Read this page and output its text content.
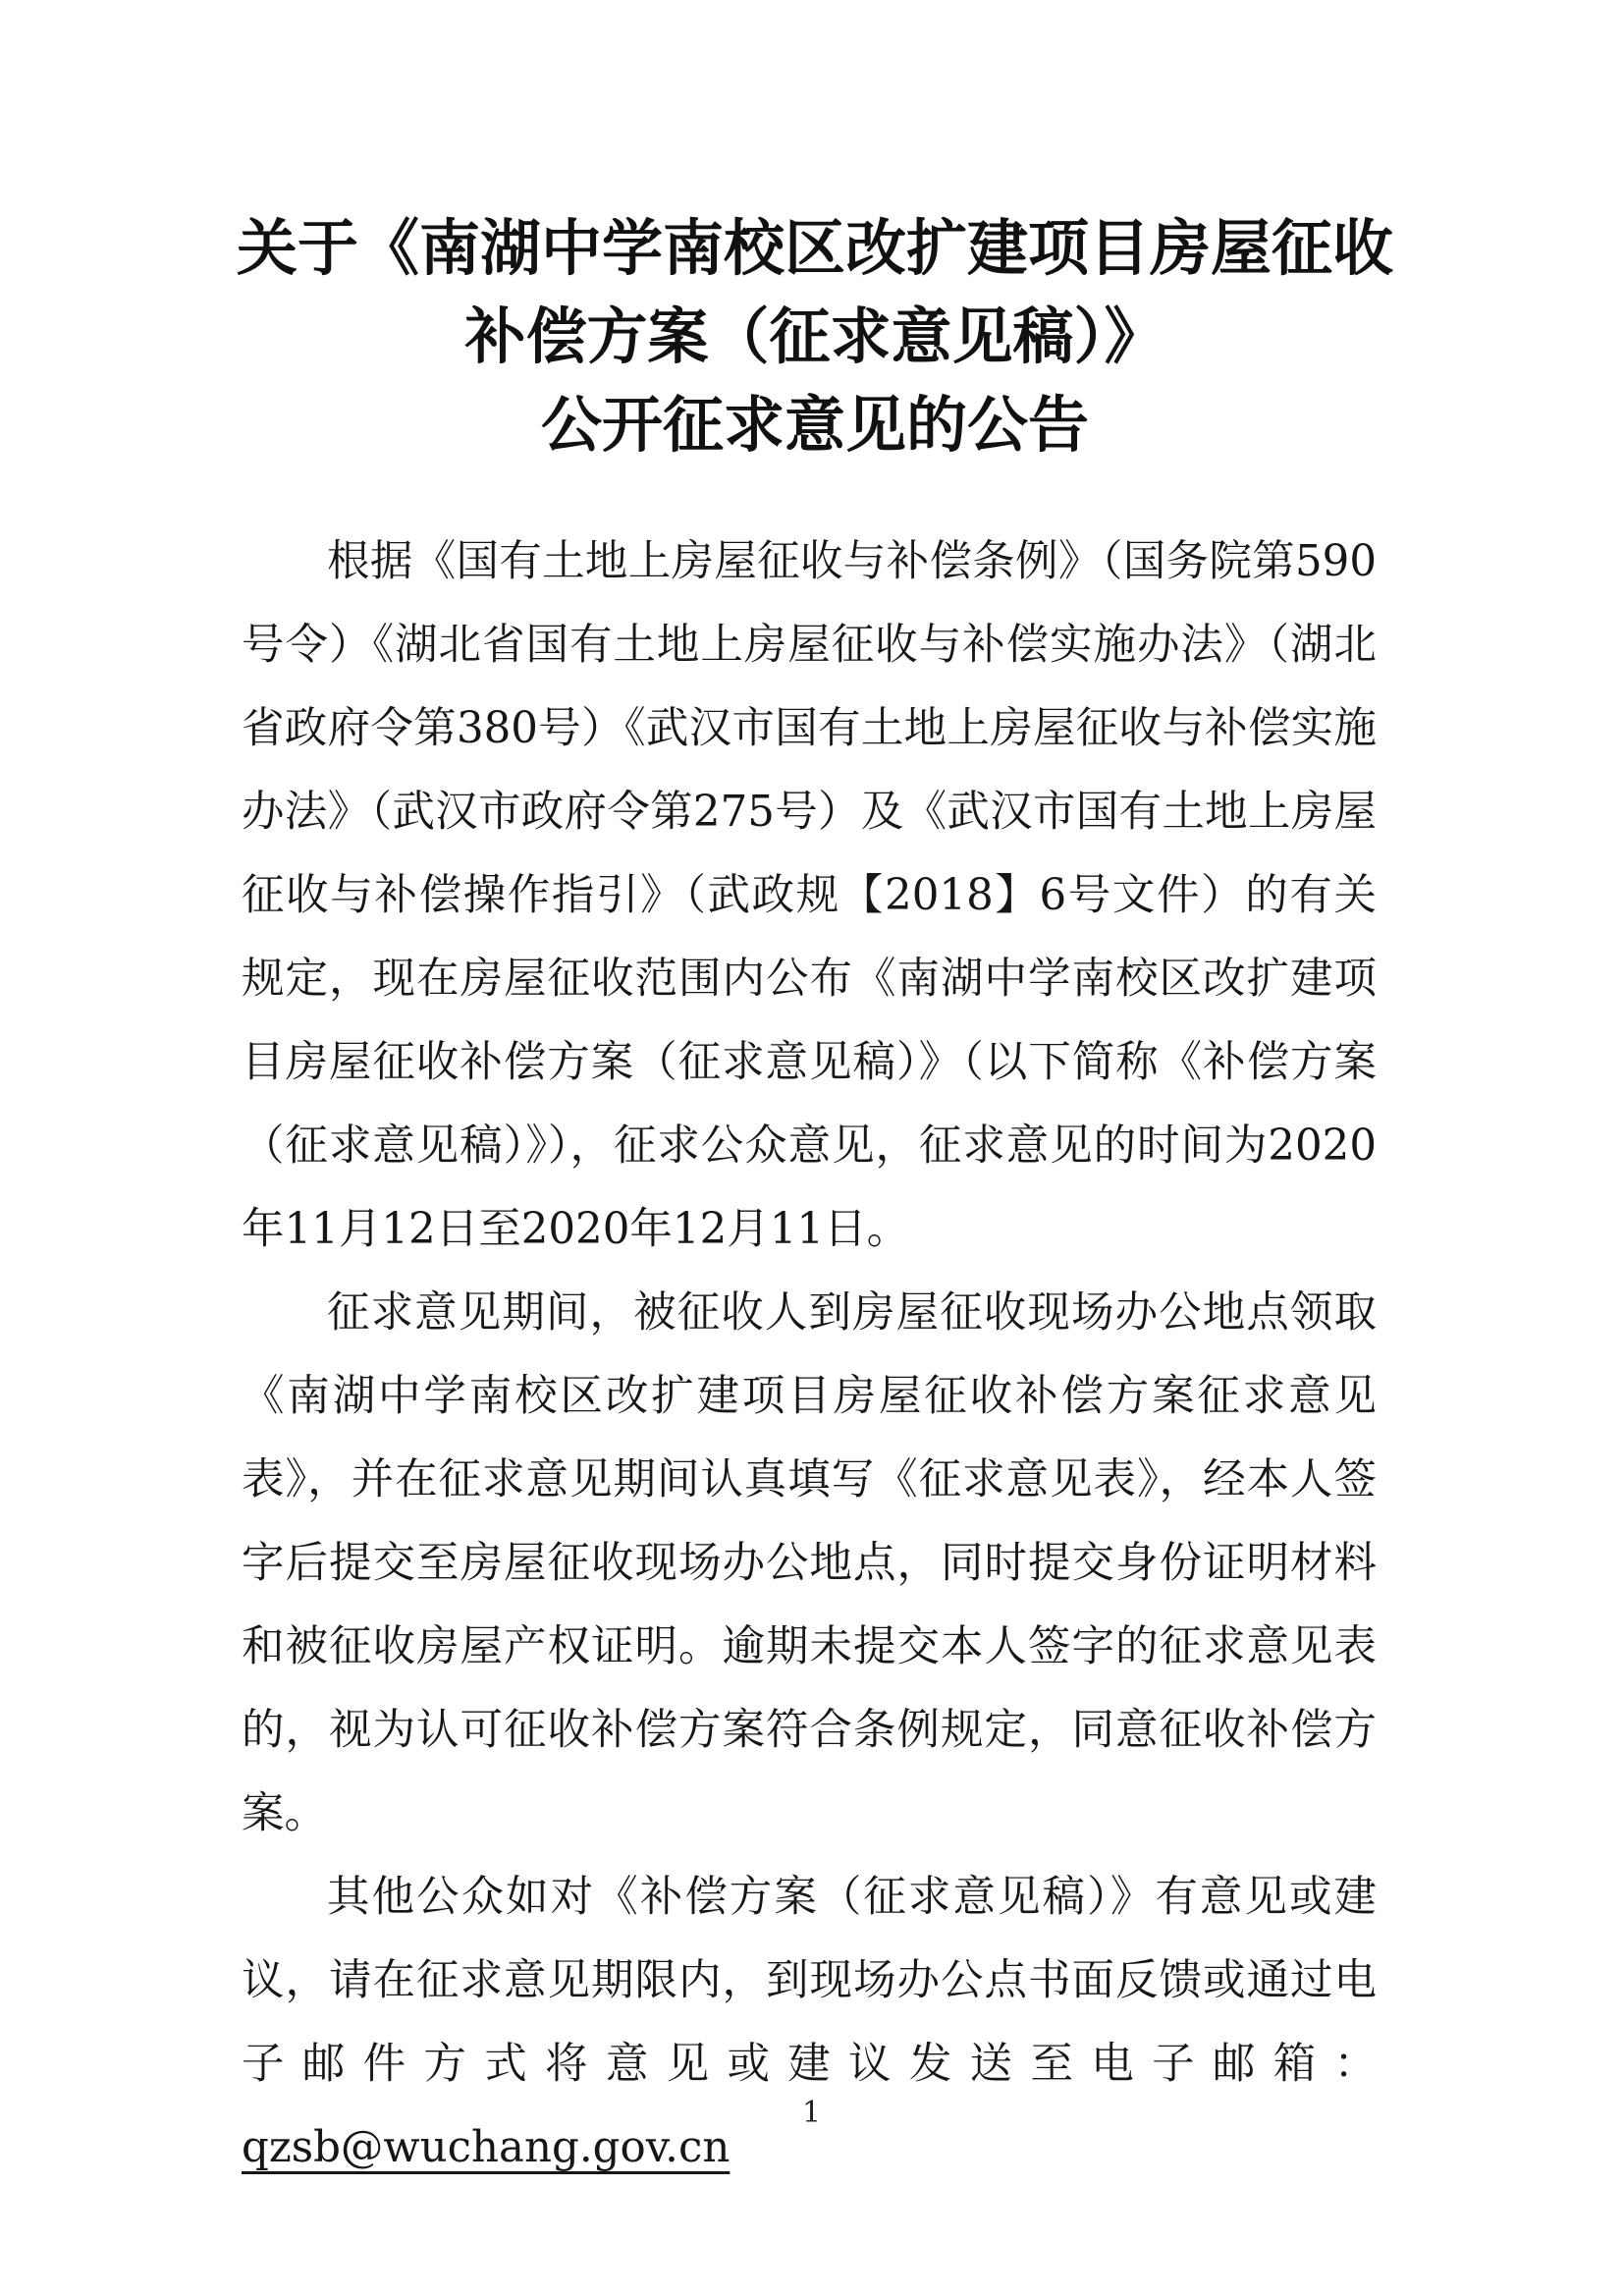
关于《南湖中学南校区改扩建项目房屋征收
补偿方案（征求意见稿）》
公开征求意见的公告

根据《国有土地上房屋征收与补偿条例》（国务院第590号令）《湖北省国有土地上房屋征收与补偿实施办法》（湖北省政府令第380号）《武汉市国有土地上房屋征收与补偿实施办法》（武汉市政府令第275号）及《武汉市国有土地上房屋征收与补偿操作指引》（武政规【2018】6号文件）的有关规定，现在房屋征收范围内公布《南湖中学南校区改扩建项目房屋征收补偿方案（征求意见稿）》（以下简称《补偿方案（征求意见稿）》），征求公众意见，征求意见的时间为2020年11月12日至2020年12月11日。

征求意见期间，被征收人到房屋征收现场办公地点领取《南湖中学南校区改扩建项目房屋征收补偿方案征求意见表》，并在征求意见期间认真填写《征求意见表》，经本人签字后提交至房屋征收现场办公地点，同时提交身份证明材料和被征收房屋产权证明。逾期未提交本人签字的征求意见表的，视为认可征收补偿方案符合条例规定，同意征收补偿方案。

其他公众如对《补偿方案（征求意见稿）》有意见或建议，请在征求意见期限内，到现场办公点书面反馈或通过电子邮件方式将意见或建议发送至电子邮箱：qzsb@wuchang.gov.cn

1
